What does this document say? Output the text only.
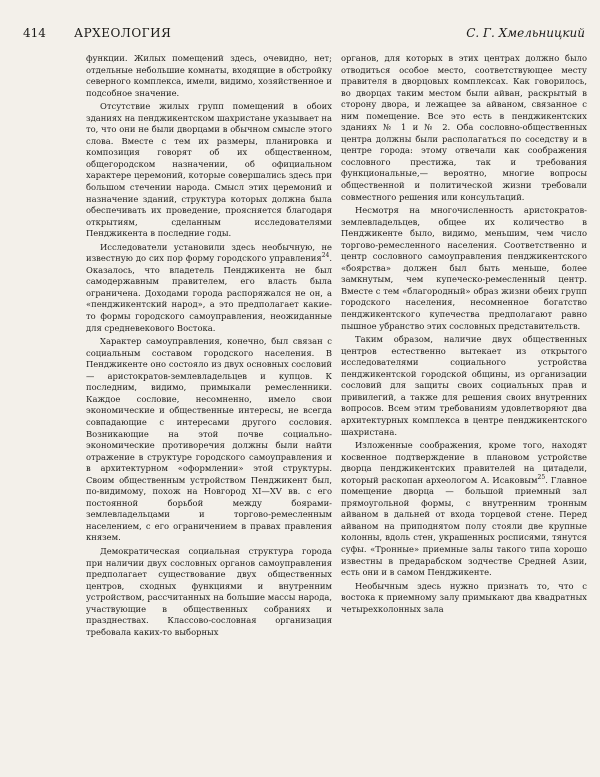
414 АРХЕОЛОГИЯ	С. Г. Хмельницкий

функции. Жилых помещений здесь, очевидно, нет; отдельные небольшие комнаты, входящие в обстройку северного комплекса, имели, видимо, хозяйственное и подсобное значение.

Отсутствие жилых групп помещений в обоих зданиях на пенджикентском шахристане указывает на то, что они не были дворцами в обычном смысле этого слова. Вместе с тем их размеры, планировка и композиция говорят об их общественном, общегородском назначении, об официальном характере церемоний, которые совершались здесь при большом стечении народа. Смысл этих церемоний и назначение зданий, структура которых должна была обеспечивать их проведение, проясняется благодаря открытиям, сделанным исследователями Пенджикента в последние годы.

Исследователи установили здесь необычную, не известную до сих пор форму городского управления$^{24}$. Оказалось, что владетель Пенджикента не был самодержавным правителем, его власть была ограничена. Доходами города распоряжался не он, а «пенджикентский народ», а это предполагает какие-то формы городского самоуправления, неожиданные для средневекового Востока.

Характер самоуправления, конечно, был связан с социальным составом городского населения. В Пенджикенте оно состояло из двух основных сословий — аристократов-землевладельцев и купцов. К последним, видимо, примыкали ремесленники. Каждое сословие, несомненно, имело свои экономические и общественные интересы, не всегда совпадающие с интересами другого сословия. Возникающие на этой почве социально-экономические противоречия должны были найти отражение в структуре городского самоуправления и в архитектурном «оформлении» этой структуры. Своим общественным устройством Пенджикент был, по-видимому, похож на Новгород XI—XV вв. с его постоянной борьбой между боярами-землевладельцами и торгово-ремесленным населением, с его ограничением в правах правления князем.

Демократическая социальная структура города при наличии двух сословных органов самоуправления предполагает существование двух общественных центров, сходных функциями и внутренним устройством, рассчитанных на большие массы народа, участвующие в общественных собраниях и празднествах. Классово-сословная организация требовала каких-то выборных

органов, для которых в этих центрах должно было отводиться особое место, соответствующее месту правителя в дворцовых комплексах. Как говорилось, во дворцах таким местом были айван, раскрытый в сторону двора, и лежащее за айваном, связанное с ним помещение. Все это есть в пенджикентских зданиях № 1 и № 2. Оба сословно-общественных центра должны были располагаться по соседству и в центре города: этому отвечали как соображения сословного престижа, так и требования функциональные,— вероятно, многие вопросы общественной и политической жизни требовали совместного решения или консультаций.

Несмотря на многочисленность аристократов-землевладельцев, общее их количество в Пенджикенте было, видимо, меньшим, чем число торгово-ремесленного населения. Соответственно и центр сословного самоуправления пенджикентского «боярства» должен был быть меньше, более замкнутым, чем купечеcко-ремесленный центр. Вместе с тем «благородный» образ жизни обеих групп городского населения, несомненное богатство пенджикентского купечества предполагают равно пышное убранство этих сословных представительств.

Таким образом, наличие двух общественных центров естественно вытекает из открытого исследователями социального устройства пенджикентской городской общины, из организации сословий для защиты своих социальных прав и привилегий, а также для решения своих внутренних вопросов. Всем этим требованиям удовлетворяют два архитектурных комплекса в центре пенджикентского шахристана.

Изложенные соображения, кроме того, находят косвенное подтверждение в плановом устройстве дворца пенджикентских правителей на цитадели, который раскопан археологом А. Исаковым$^{25}$. Главное помещение дворца — большой приемный зал прямоугольной формы, с внутренним тронным айваном в дальней от входа торцевой стене. Перед айваном на приподнятом полу стояли две крупные колонны, вдоль стен, украшенных росписями, тянутся суфы. «Тронные» приемные залы такого типа хорошо известны в предарабском зодчестве Средней Азии, есть они и в самом Пенджикенте.

Необычным здесь нужно признать то, что с востока к приемному залу примыкают два квадратных четырехколонных зала
